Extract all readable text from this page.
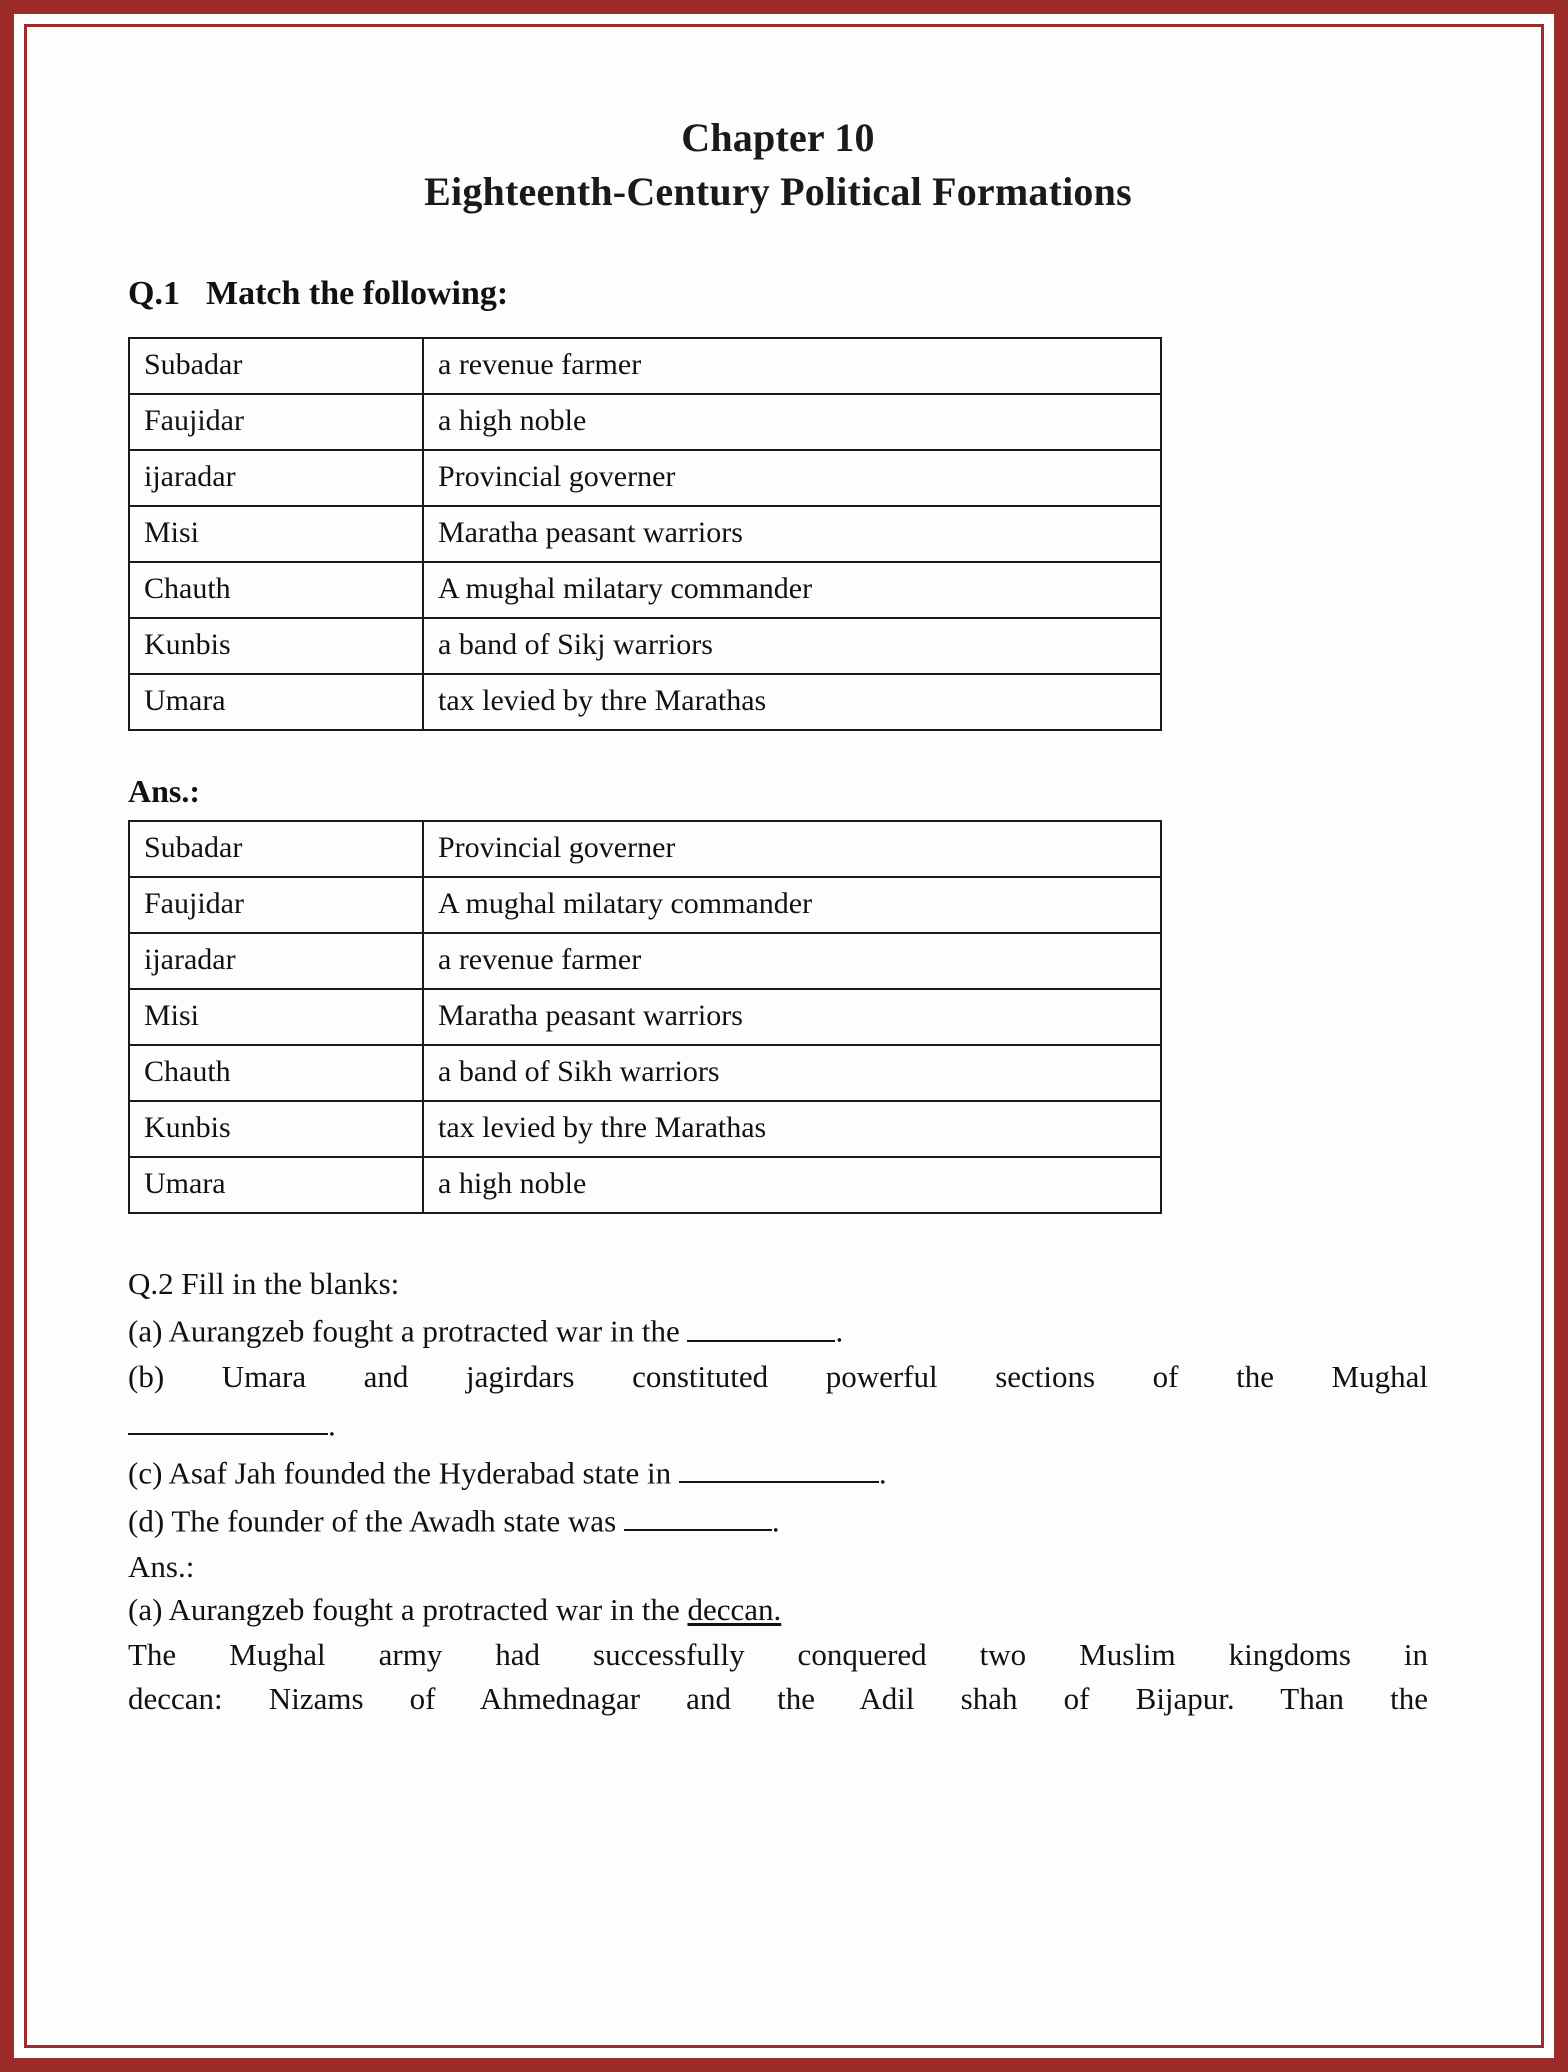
Chapter 10
Eighteenth-Century Political Formations
Q.1 Match the following:
Subadar	a revenue farmer
Faujidar	a high noble
ijaradar	Provincial governer
Misi	Maratha peasant warriors
Chauth	A mughal milatary commander
Kunbis	a band of Sikj warriors
Umara	tax levied by thre Marathas
Ans.:
Subadar	Provincial governer
Faujidar	A mughal milatary commander
ijaradar	a revenue farmer
Misi	Maratha peasant warriors
Chauth	a band of Sikh warriors
Kunbis	tax levied by thre Marathas
Umara	a high noble
Q.2 Fill in the blanks:
(a) Aurangzeb fought a protracted war in the	.
(b) Umara and jagirdars constituted powerful sections of the Mughal
.
(c) Asaf Jah founded the Hyderabad state in	.
(d) The founder of the Awadh state was	.
Ans.:
(a) Aurangzeb fought a protracted war in the deccan.
The Mughal army had successfully conquered two Muslim kingdoms in
deccan: Nizams of Ahmednagar and the Adil shah of Bijapur. Than the
